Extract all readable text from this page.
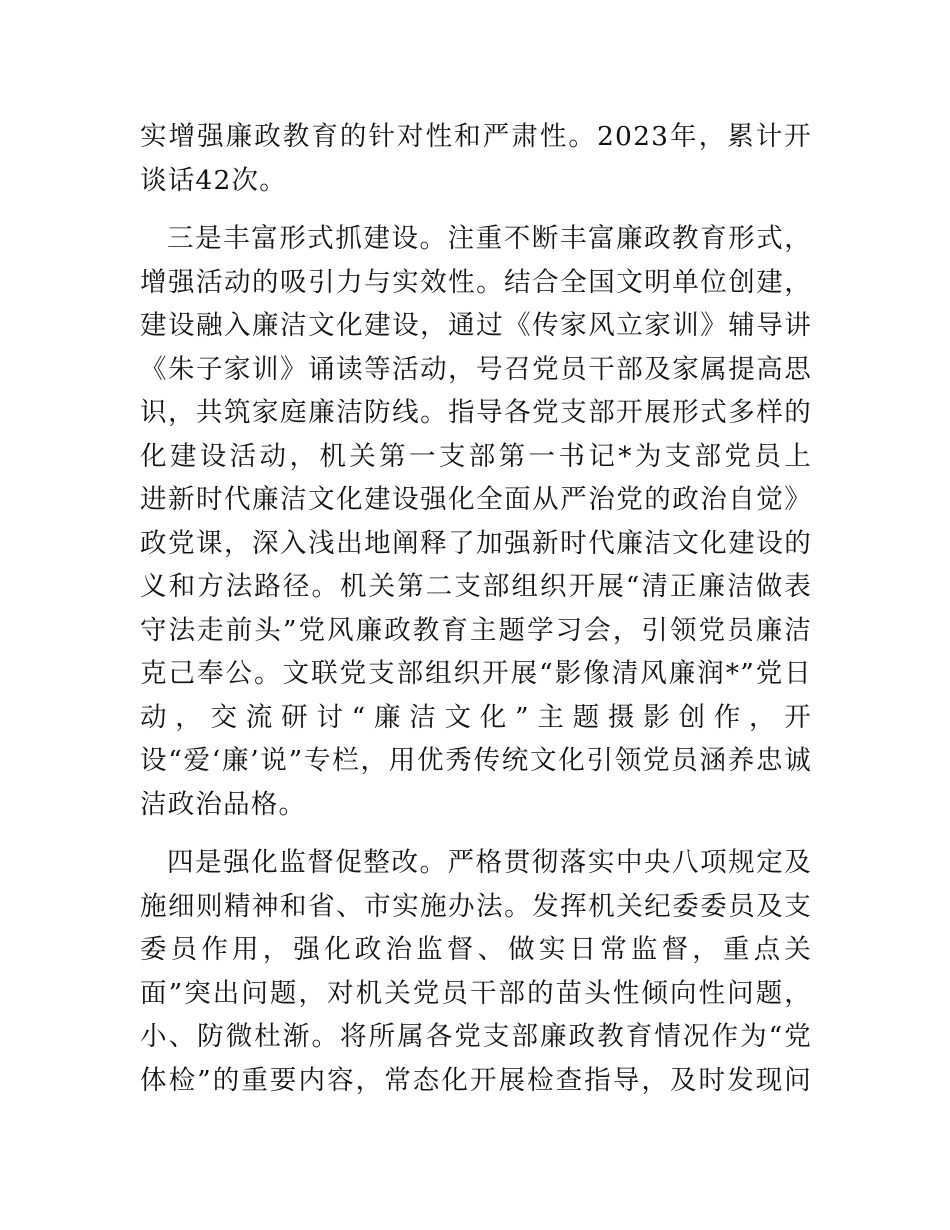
实增强廉政教育的针对性和严肃性。2023年，累计开
谈话42次。
三是丰富形式抓建设。注重不断丰富廉政教育形式，
增强活动的吸引力与实效性。结合全国文明单位创建，
建设融入廉洁文化建设，通过《传家风立家训》辅导讲
《朱子家训》诵读等活动，号召党员干部及家属提高思
识，共筑家庭廉洁防线。指导各党支部开展形式多样的
化建设活动，机关第一支部第一书记*为支部党员上
进新时代廉洁文化建设强化全面从严治党的政治自觉》
政党课，深入浅出地阐释了加强新时代廉洁文化建设的
义和方法路径。机关第二支部组织开展“清正廉洁做表
守法走前头”党风廉政教育主题学习会，引领党员廉洁
克己奉公。文联党支部组织开展“影像清风廉润*”党日
动，交流研讨“廉洁文化”主题摄影创作，开
设“爱‘廉’说”专栏，用优秀传统文化引领党员涵养忠诚
洁政治品格。
四是强化监督促整改。严格贯彻落实中央八项规定及
施细则精神和省、市实施办法。发挥机关纪委委员及支
委员作用，强化政治监督、做实日常监督，重点关
面”突出问题，对机关党员干部的苗头性倾向性问题，
小、防微杜渐。将所属各党支部廉政教育情况作为“党
体检”的重要内容，常态化开展检查指导，及时发现问
